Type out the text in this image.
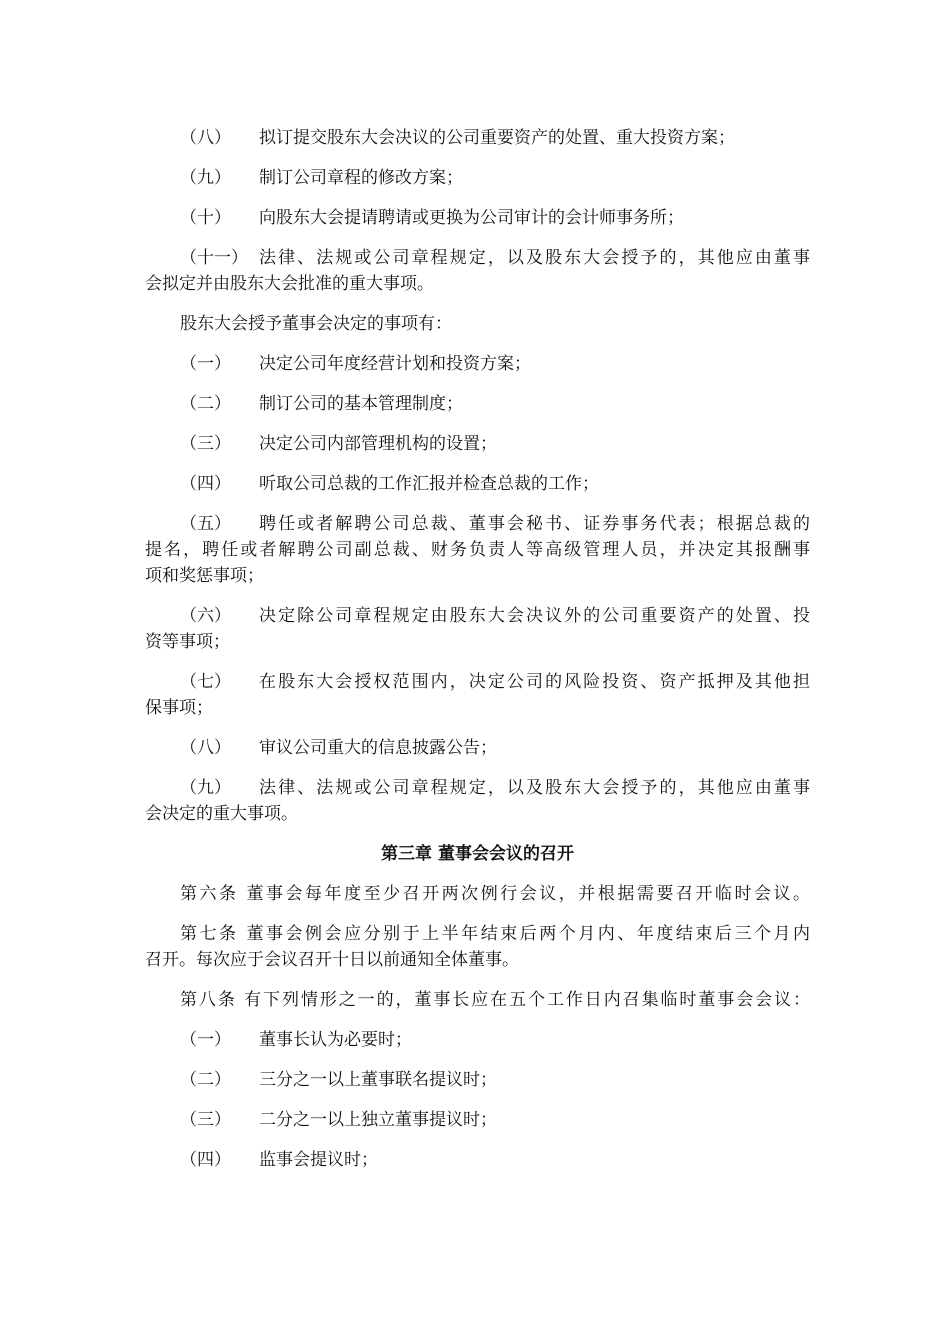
（八）	拟订提交股东大会决议的公司重要资产的处置、重大投资方案；
（九）	制订公司章程的修改方案；
（十）	向股东大会提请聘请或更换为公司审计的会计师事务所；
（十一） 法律、法规或公司章程规定，以及股东大会授予的，其他应由董事
会拟定并由股东大会批准的重大事项。
股东大会授予董事会决定的事项有：
（一）	决定公司年度经营计划和投资方案；
（二）	制订公司的基本管理制度；
（三）	决定公司内部管理机构的设置；
（四）	听取公司总裁的工作汇报并检查总裁的工作；
（五）	聘任或者解聘公司总裁、董事会秘书、证券事务代表；根据总裁的
提名，聘任或者解聘公司副总裁、财务负责人等高级管理人员，并决定其报酬事
项和奖惩事项；
（六）	决定除公司章程规定由股东大会决议外的公司重要资产的处置、投
资等事项；
（七）	在股东大会授权范围内，决定公司的风险投资、资产抵押及其他担
保事项；
（八）	审议公司重大的信息披露公告；
（九）	法律、法规或公司章程规定，以及股东大会授予的，其他应由董事
会决定的重大事项。
第三章 董事会会议的召开
第六条 董事会每年度至少召开两次例行会议，并根据需要召开临时会议。
第七条 董事会例会应分别于上半年结束后两个月内、年度结束后三个月内
召开。每次应于会议召开十日以前通知全体董事。
第八条 有下列情形之一的，董事长应在五个工作日内召集临时董事会会议：
（一）	董事长认为必要时；
（二）	三分之一以上董事联名提议时；
（三）	二分之一以上独立董事提议时；
（四）	监事会提议时；
